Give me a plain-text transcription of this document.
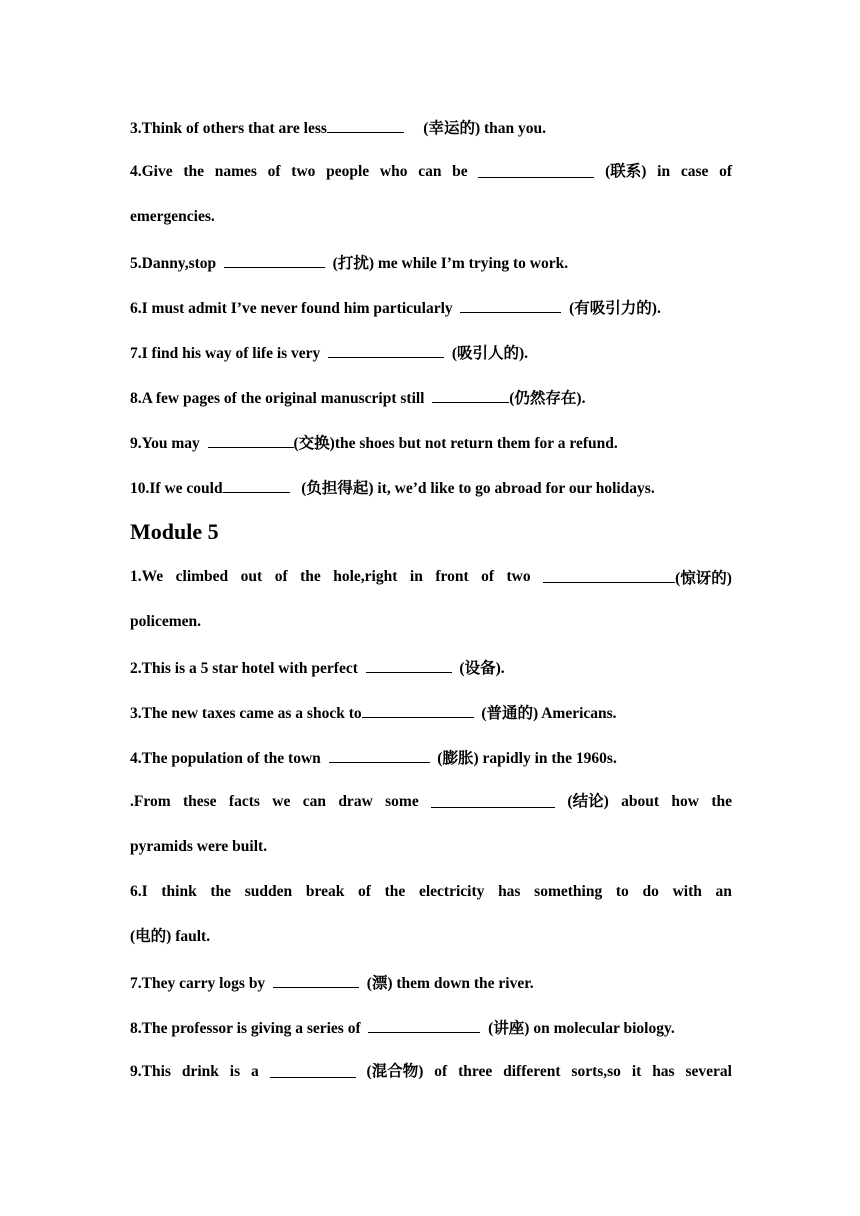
3.Think of others that are less	(幸运的) than you.
4.Give the names of two people who can be	(联系) in case of
emergencies.
5.Danny,stop	(打扰) me while I’m trying to work.
6.I must admit I’ve never found him particularly	(有吸引力的).
7.I find his way of life is very	(吸引人的).
8.A few pages of the original manuscript still	(仍然存在).
9.You may	(交换)the shoes but not return them for a refund.
10.If we could	(负担得起) it, we’d like to go abroad for our holidays.
Module 5
1.We climbed out of the hole,right in front of two	(惊讶的)
policemen.
2.This is a 5 star hotel with perfect	(设备).
3.The new taxes came as a shock to	(普通的) Americans.
4.The population of the town	(膨胀) rapidly in the 1960s.
.From these facts we can draw some	(结论) about how the
pyramids were built.
6.I think the sudden break of the electricity has something to do with an
(电的) fault.
7.They carry logs by	(漂) them down the river.
8.The professor is giving a series of	(讲座) on molecular biology.
9.This drink is a	(混合物) of three different sorts,so it has several
